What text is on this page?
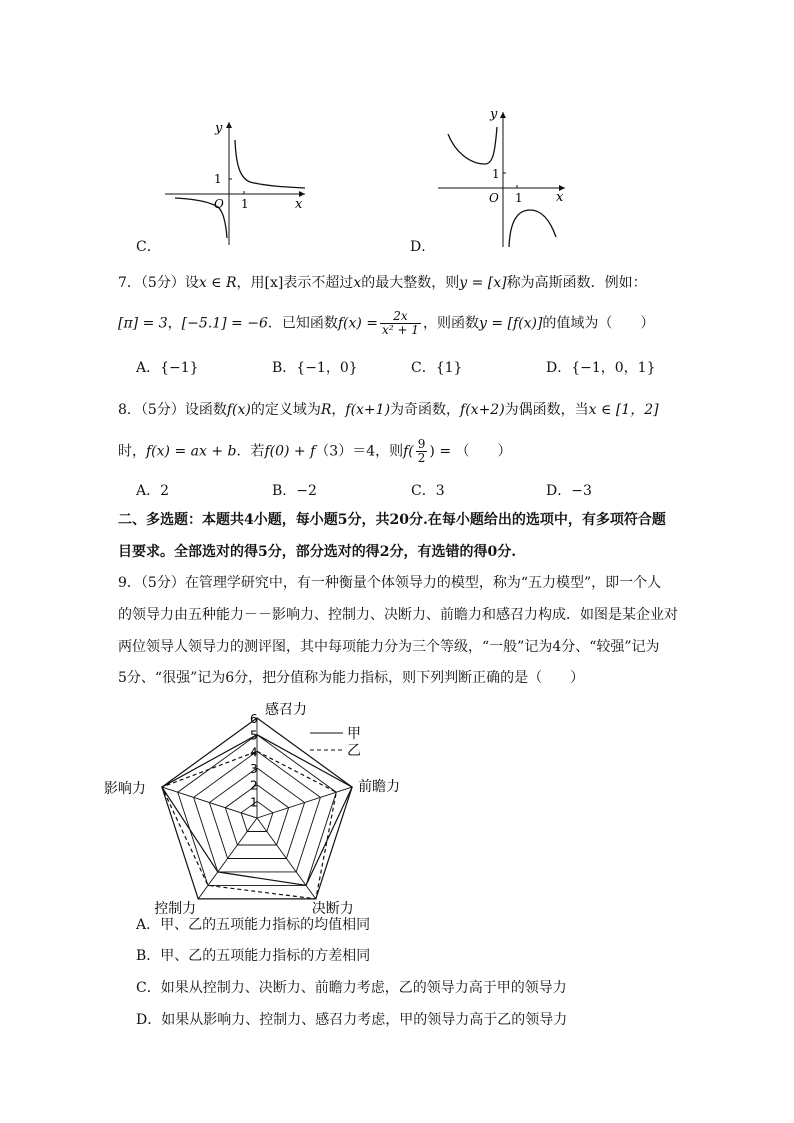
y
x
O
1
1
C．
y
x
O
1
1
D．
7．（5分）设x ∈ R，用[x]表示不超过x的最大整数，则y = [x]称为高斯函数．例如：
[π] = 3，[−5.1] = −6．已知函数$f(x) = \frac{2x}{\text{x² + 1}}$ ，则函数y = [f(x)]的值域为（　　）
A．{−1}	B．{−1，0}	C．{1}	D．{−1，0，1}
8．（5分）设函数f(x)的定义域为R，f(x+1)为奇函数，f(x+2)为偶函数，当x ∈ [1，2]
时，f(x) = ax + b．若f(0) + f（3）＝4，则$f( \frac{9}{2}$ ) = （　　）
A．2	B．−2	C．3	D．−3
二、多选题：本题共4小题，每小题5分，共20分.在每小题给出的选项中，有多项符合题
目要求。全部选对的得5分，部分选对的得2分，有选错的得0分.
9．（5分）在管理学研究中，有一种衡量个体领导力的模型，称为“五力模型”，即一个人
的领导力由五种能力－－影响力、控制力、决断力、前瞻力和感召力构成．如图是某企业对
两位领导人领导力的测评图，其中每项能力分为三个等级，“一般”记为4分、“较强”记为
5分、“很强”记为6分，把分值称为能力指标，则下列判断正确的是（　　）
1
2
3
4
5
6
感召力
前瞻力
决断力
控制力
影响力
甲
乙
A．甲、乙的五项能力指标的均值相同
B．甲、乙的五项能力指标的方差相同
C．如果从控制力、决断力、前瞻力考虑，乙的领导力高于甲的领导力
D．如果从影响力、控制力、感召力考虑，甲的领导力高于乙的领导力
